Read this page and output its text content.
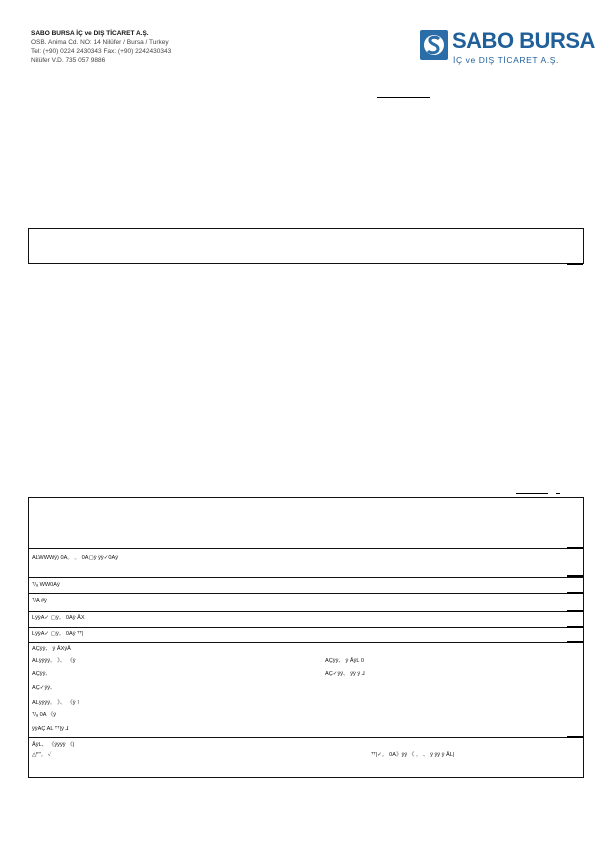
SABO BURSA İÇ ve DIŞ TİCARET A.Ş.
OSB. Anima Cd. NO: 14 Nilüfer / Bursa / Turkey
Tel: (+90) 0224 2430343 Fax: (+90) 2242430343
Nilüfer V.D. 735 057 9886
SABO BURSA
İÇ ve DIŞ TİCARET A.Ş.
ALWWWÿ) 0A。 。 0A▢ÿ ÿÿ✓0Aÿ
ᵀ/ₐ WW0Aÿ
ᵀ/A #ÿ
LÿÿA✓ ▢ÿ。 0Aÿ ÅX
LÿÿA✓ ▢ÿ。 0Aÿ ᵀᵀ|
AÇÿÿ、 ÿ ÅXÿÅ
ALÿÿÿÿ。 》、 《ÿ	AÇÿÿ、 ÿ ÅÿL 0
AÇÿÿ、	AÇ✓ÿÿ、 ÿÿ ÿ ⅃
AÇ✓ÿÿ、
ALÿÿÿÿ。 》、 《ÿ ˥
ᵀ/ₐ 0A 《ÿ
ÿÿAÇ AL ᵀᵀ|ÿ ⅃
ÅÿL、 《ÿÿÿÿ 《|
△ᴾ''。 ✓	ᵀᵀ|✓。 0A》ÿÿ 《 。 、 ÿ ÿÿ ÿ ÅL|
